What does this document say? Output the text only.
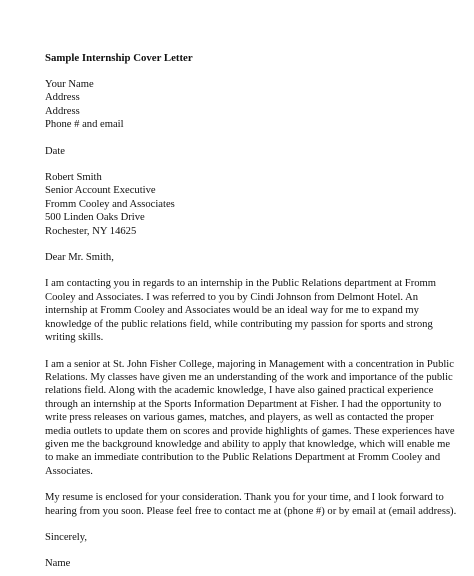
Sample Internship Cover Letter
Your Name
Address
Address
Phone # and email
Date
Robert Smith
Senior Account Executive
Fromm Cooley and Associates
500 Linden Oaks Drive
Rochester, NY 14625
Dear Mr. Smith,
I am contacting you in regards to an internship in the Public Relations department at Fromm
Cooley and Associates. I was referred to you by Cindi Johnson from Delmont Hotel. An
internship at Fromm Cooley and Associates would be an ideal way for me to expand my
knowledge of the public relations field, while contributing my passion for sports and strong
writing skills.
I am a senior at St. John Fisher College, majoring in Management with a concentration in Public
Relations. My classes have given me an understanding of the work and importance of the public
relations field. Along with the academic knowledge, I have also gained practical experience
through an internship at the Sports Information Department at Fisher. I had the opportunity to
write press releases on various games, matches, and players, as well as contacted the proper
media outlets to update them on scores and provide highlights of games. These experiences have
given me the background knowledge and ability to apply that knowledge, which will enable me
to make an immediate contribution to the Public Relations Department at Fromm Cooley and
Associates.
My resume is enclosed for your consideration. Thank you for your time, and I look forward to
hearing from you soon. Please feel free to contact me at (phone #) or by email at (email address).
Sincerely,
Name
